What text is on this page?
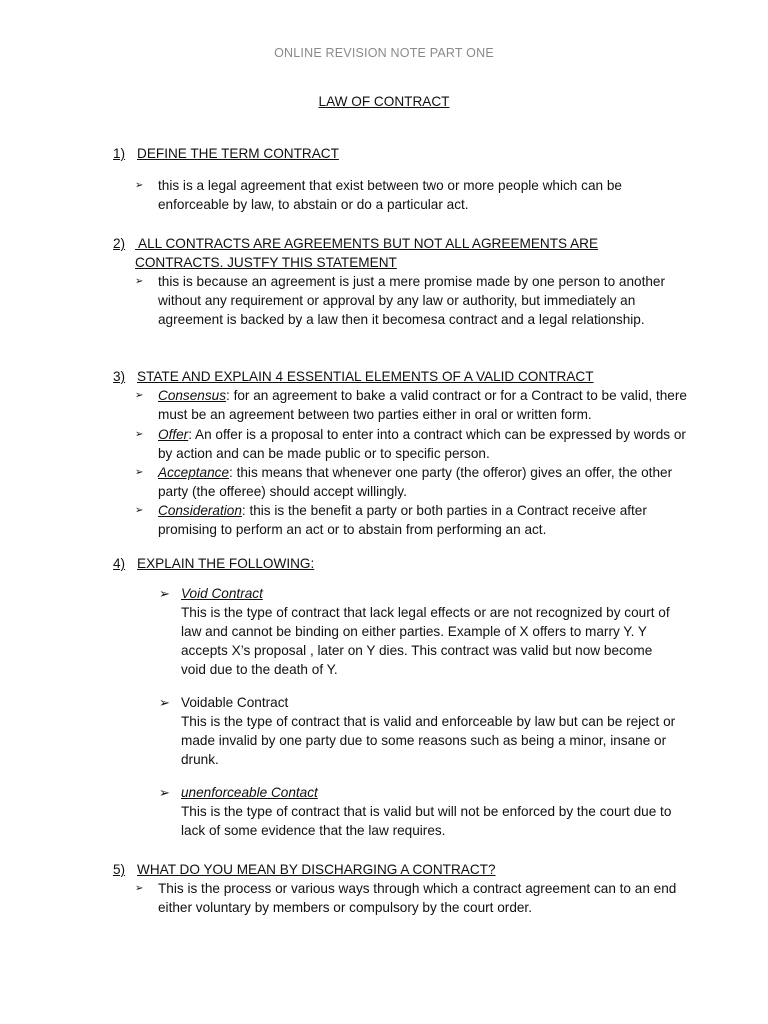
ONLINE REVISION NOTE PART ONE
LAW OF CONTRACT
1) DEFINE THE TERM CONTRACT
➢	this is a legal agreement that exist between two or more people which can be enforceable by law, to abstain or do a particular act.
2) ALL CONTRACTS ARE AGREEMENTS BUT NOT ALL AGREEMENTS ARE
CONTRACTS. JUSTFY THIS STATEMENT
➢	this is because an agreement is just a mere promise made by one person to another without any requirement or approval by any law or authority, but immediately an agreement is backed by a law then it becomesa contract and a legal relationship.
3) STATE AND EXPLAIN 4 ESSENTIAL ELEMENTS OF A VALID CONTRACT
➢	Consensus: for an agreement to bake a valid contract or for a Contract to be valid, there must be an agreement between two parties either in oral or written form.
➢	Offer: An offer is a proposal to enter into a contract which can be expressed by words or by action and can be made public or to specific person.
➢	Acceptance: this means that whenever one party (the offeror) gives an offer, the other party (the offeree) should accept willingly.
➢	Consideration: this is the benefit a party or both parties in a Contract receive after promising to perform an act or to abstain from performing an act.
4) EXPLAIN THE FOLLOWING:
➢ Void Contract
This is the type of contract that lack legal effects or are not recognized by court of law and cannot be binding on either parties. Example of X offers to marry Y. Y accepts X’s proposal , later on Y dies. This contract was valid but now become void due to the death of Y.
➢ Voidable Contract
This is the type of contract that is valid and enforceable by law but can be reject or made invalid by one party due to some reasons such as being a minor, insane or drunk.
➢ unenforceable Contact
This is the type of contract that is valid but will not be enforced by the court due to lack of some evidence that the law requires.
5) WHAT DO YOU MEAN BY DISCHARGING A CONTRACT?
➢	This is the process or various ways through which a contract agreement can to an end either voluntary by members or compulsory by the court order.
